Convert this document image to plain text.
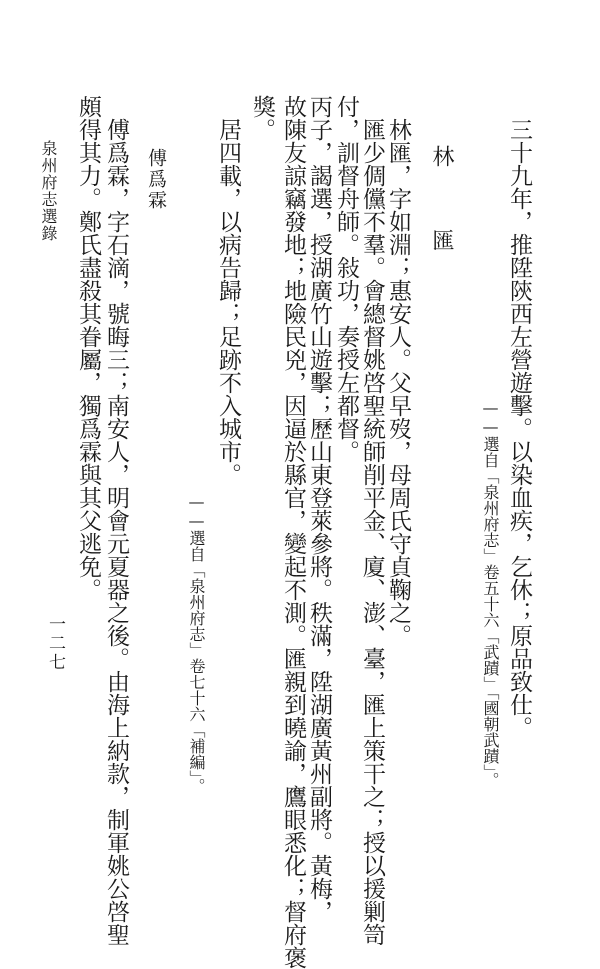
三十九年，推陞陝西左營遊擊。以染血疾，乞休；原品致仕。
——選自「泉州府志」卷五十六「武蹟」「國朝武蹟」。
林　匯
林匯，字如淵；惠安人。父早歿，母周氏守貞鞠之。
匯少倜儻不羣。會總督姚啓聖統師削平金、廈、澎、臺，匯上策干之；授以援剿笥
付，訓督舟師。敍功，奏授左都督。
丙子，謁選，授湖廣竹山遊擊；歷山東登萊參將。秩滿，陞湖廣黃州副將。黃梅，
故陳友諒竊發地；地險民兇，因逼於縣官，變起不測。匯親到曉諭，鷹眼悉化；督府褒
獎。
居四載，以病告歸；足跡不入城市。
——選自「泉州府志」卷七十六「補編」。
傅爲霖
傅爲霖，字石滴，號晦三；南安人，明會元夏器之後。由海上納款，制軍姚公啓聖
頗得其力。鄭氏盡殺其眷屬，獨爲霖與其父逃免。
泉州府志選錄
一二七
